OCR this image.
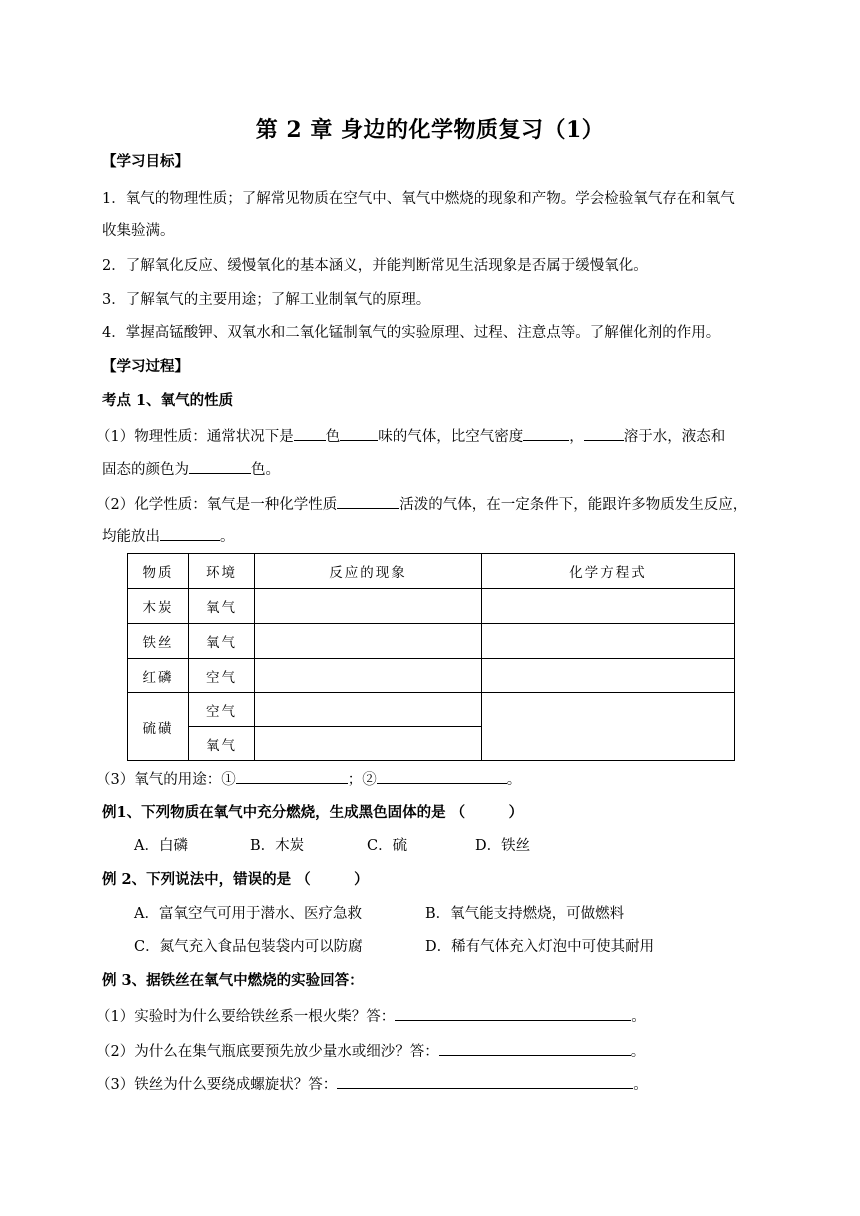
第 2 章 身边的化学物质复习（1）
【学习目标】
1．氧气的物理性质；了解常见物质在空气中、氧气中燃烧的现象和产物。学会检验氧气存在和氧气
收集验满。
2．了解氧化反应、缓慢氧化的基本涵义，并能判断常见生活现象是否属于缓慢氧化。
3．了解氧气的主要用途；了解工业制氧气的原理。
4．掌握高锰酸钾、双氧水和二氧化锰制氧气的实验原理、过程、注意点等。了解催化剂的作用。
【学习过程】
考点 1、氧气的性质
（1）物理性质：通常状况下是 色	味的气体，比空气密度	，	溶于水，液态和
固态的颜色为	色。
（2）化学性质：氧气是一种化学性质	活泼的气体，在一定条件下，能跟许多物质发生反应，
均能放出	。
物质	环境	反应的现象	化学方程式
木炭	氧气		
铁丝	氧气		
红磷	空气		
硫磺	空气		
	氧气		
（3）氧气的用途：①	；②	。
例1、下列物质在氧气中充分燃烧，生成黑色固体的是 （　　　）
A．白磷	B．木炭	C．硫	D．铁丝
例 2、下列说法中，错误的是 （　　　）
A．富氧空气可用于潜水、医疗急救	B．氧气能支持燃烧，可做燃料
C．氮气充入食品包装袋内可以防腐	D．稀有气体充入灯泡中可使其耐用
例 3、据铁丝在氧气中燃烧的实验回答：
（1）实验时为什么要给铁丝系一根火柴？答：	。
（2）为什么在集气瓶底要预先放少量水或细沙？答：	。
（3）铁丝为什么要绕成螺旋状？答：	。
